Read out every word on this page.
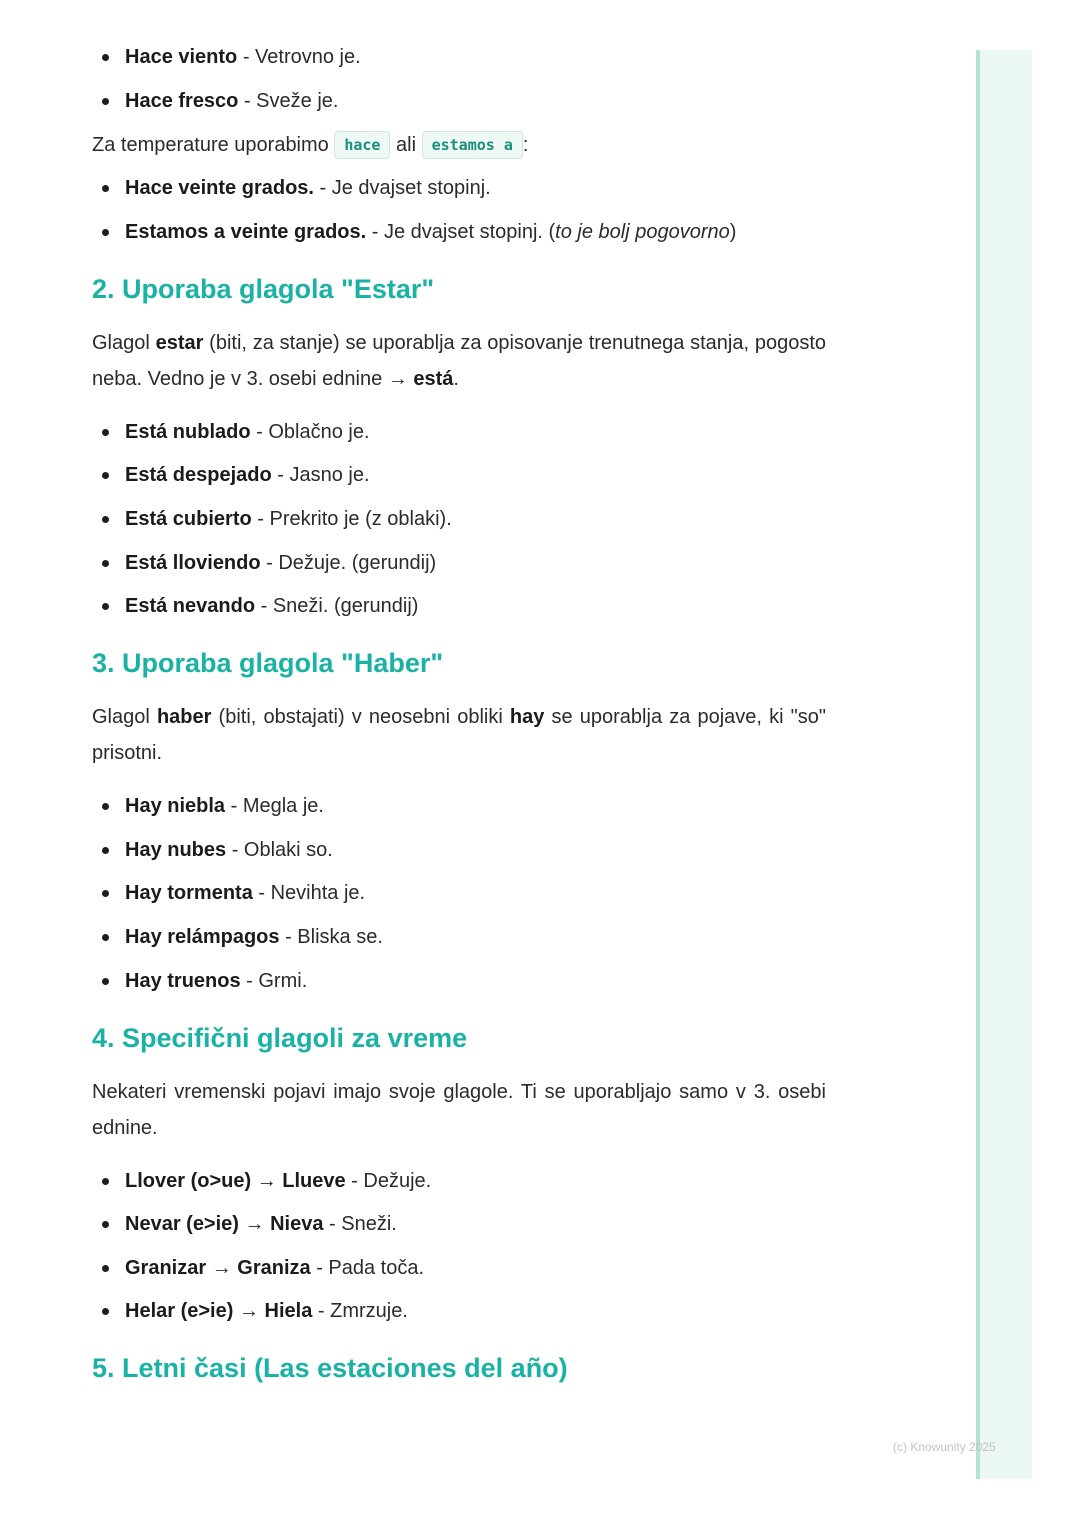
Hace viento - Vetrovno je.
Hace fresco - Sveže je.

Za temperature uporabimo hace ali estamos a :

Hace veinte grados. - Je dvajset stopinj.
Estamos a veinte grados. - Je dvajset stopinj. (to je bolj pogovorno)
2. Uporaba glagola "Estar"

Glagol estar (biti, za stanje) se uporablja za opisovanje trenutnega stanja, pogosto neba. Vedno je v 3. osebi ednine → está.

Está nublado - Oblačno je.
Está despejado - Jasno je.
Está cubierto - Prekrito je (z oblaki).
Está lloviendo - Dežuje. (gerundij)
Está nevando - Sneži. (gerundij)
3. Uporaba glagola "Haber"

Glagol haber (biti, obstajati) v neosebni obliki hay se uporablja za pojave, ki "so" prisotni.

Hay niebla - Megla je.
Hay nubes - Oblaki so.
Hay tormenta - Nevihta je.
Hay relámpagos - Bliska se.
Hay truenos - Grmi.
4. Specifični glagoli za vreme

Nekateri vremenski pojavi imajo svoje glagole. Ti se uporabljajo samo v 3. osebi ednine.

Llover (o>ue) → Llueve - Dežuje.
Nevar (e>ie) → Nieva - Sneži.
Granizar → Graniza - Pada toča.
Helar (e>ie) → Hiela - Zmrzuje.
5. Letni časi (Las estaciones del año)
(c) Knowunity 2025
